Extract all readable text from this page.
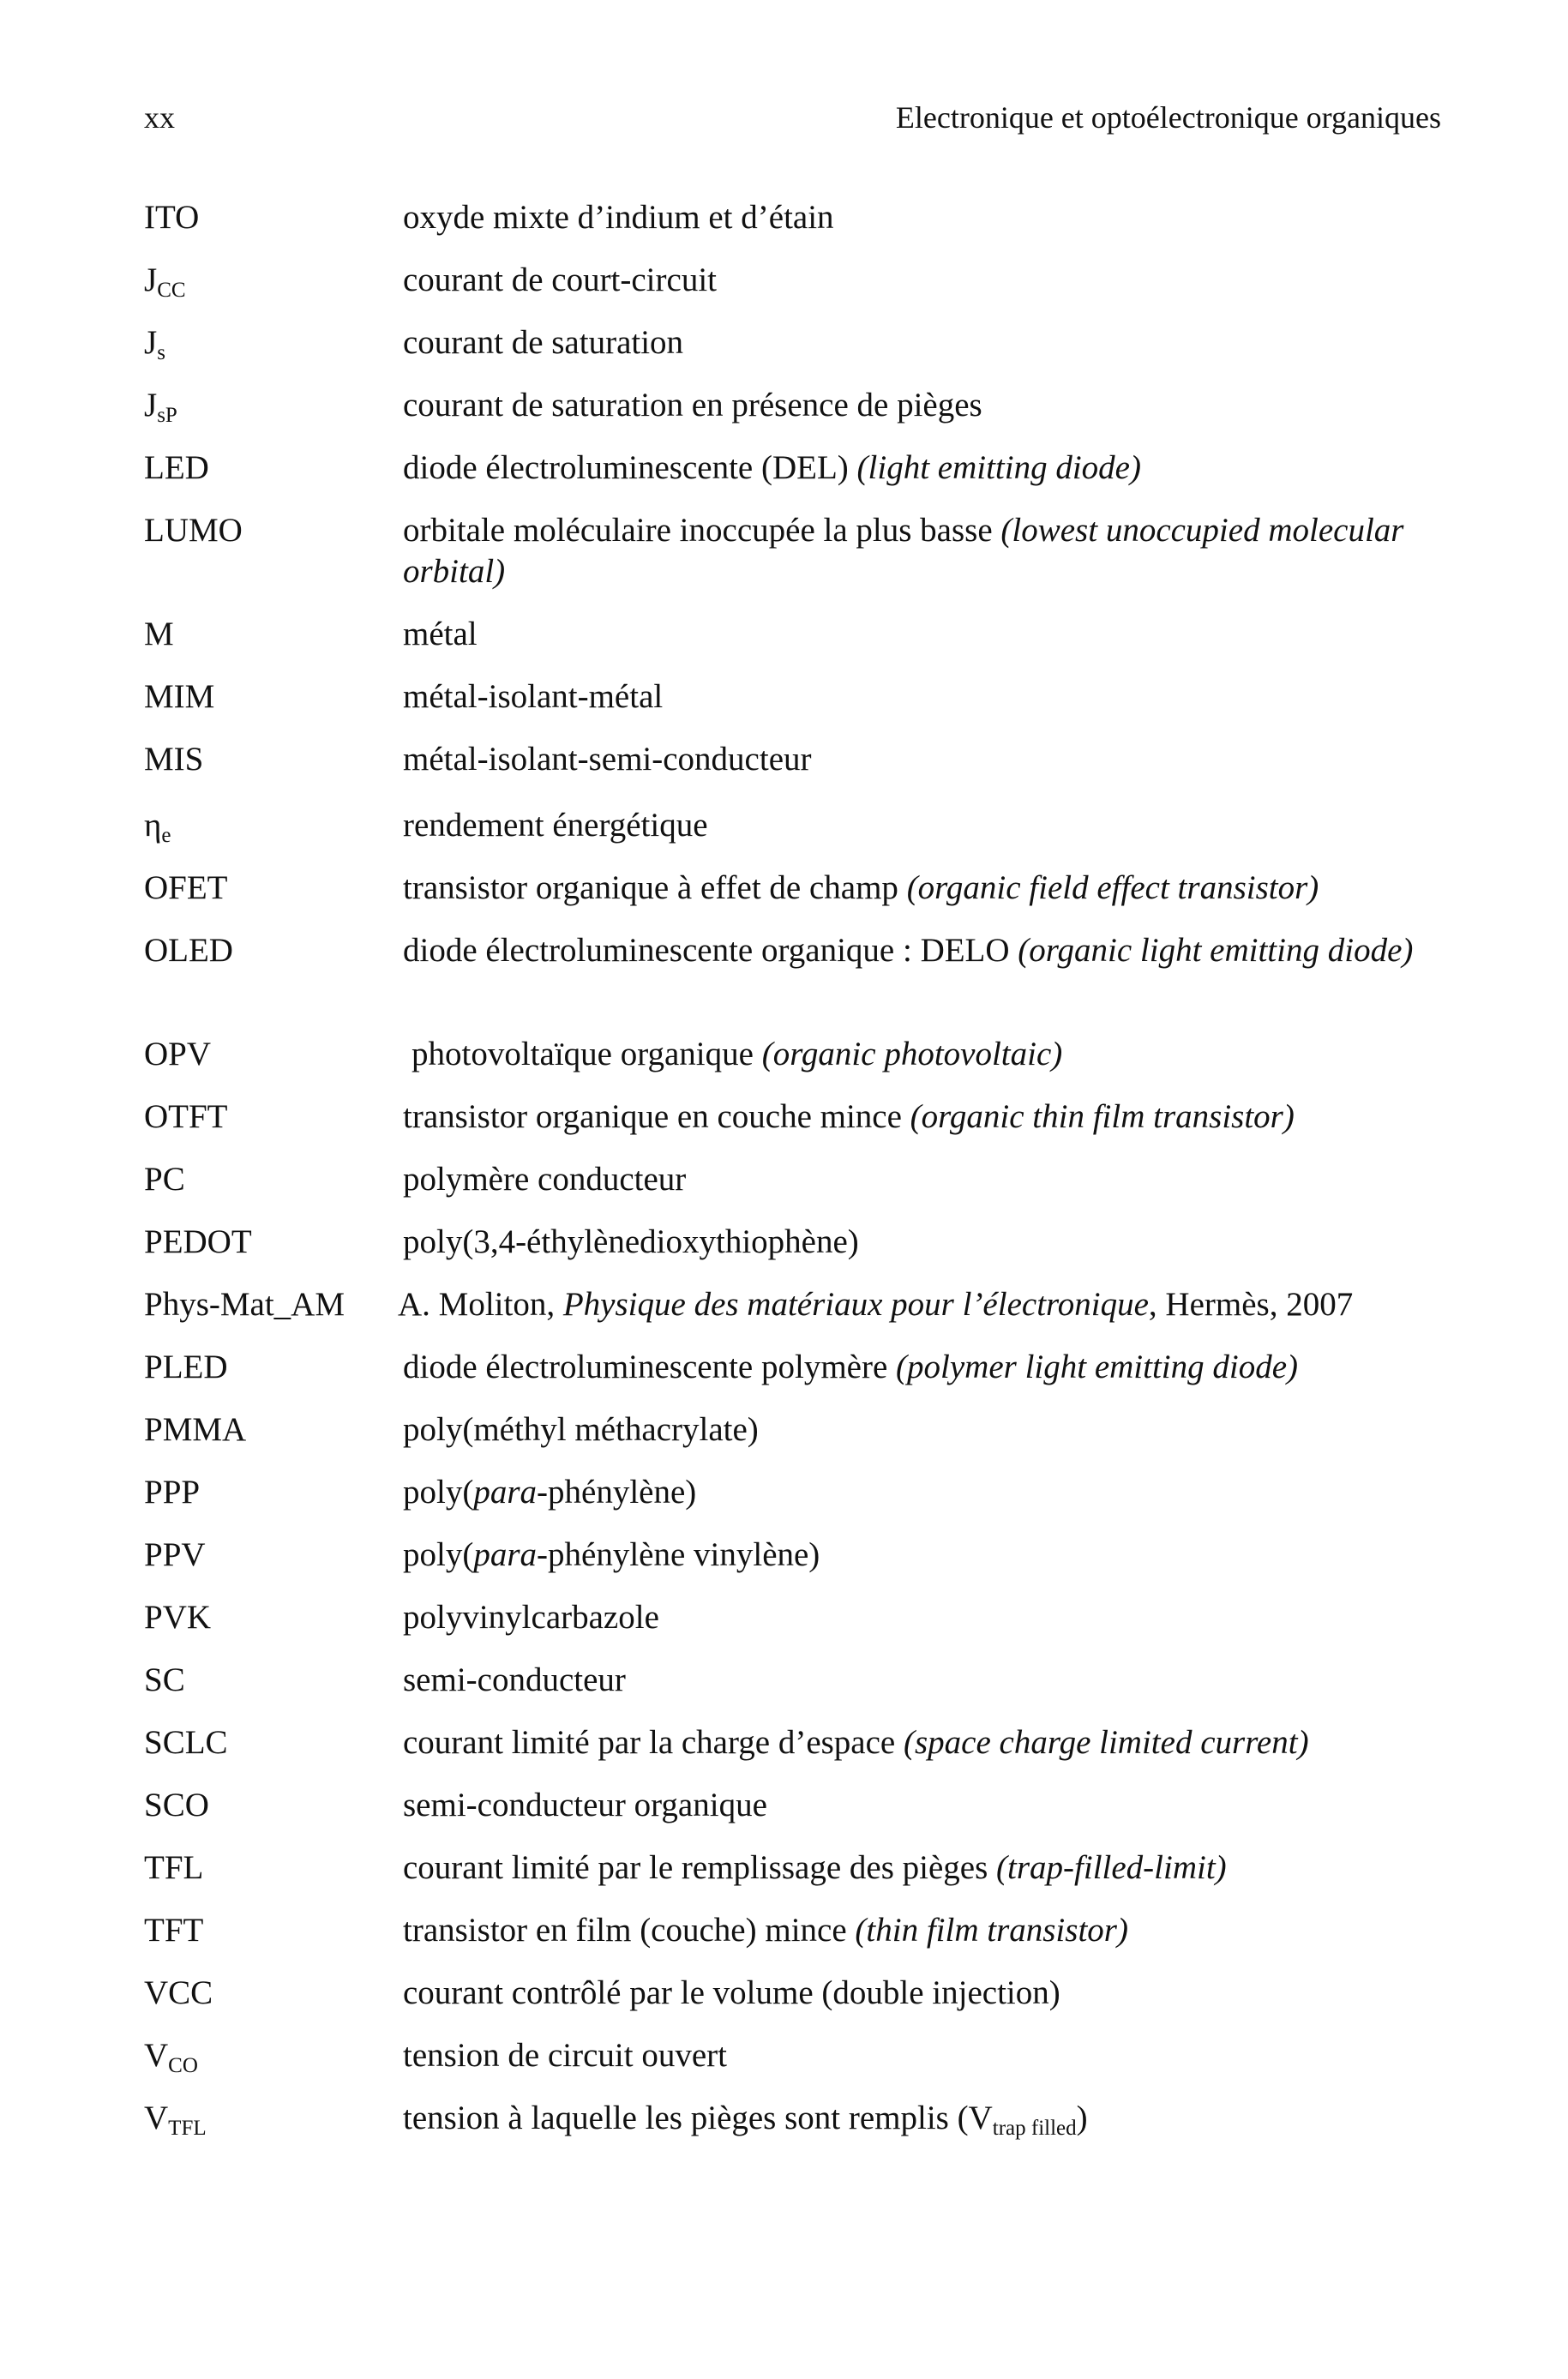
xx	Electronique et optoélectronique organiques
ITO	oxyde mixte d’indium et d’étain
$J_{CC}$	courant de court-circuit
$J_s$	courant de saturation
$J_{sP}$	courant de saturation en présence de pièges
LED	diode électroluminescente (DEL) (light emitting diode)
LUMO	orbitale moléculaire inoccupée la plus basse (lowest unoccupied molecular orbital)
M	métal
MIM	métal-isolant-métal
MIS	métal-isolant-semi-conducteur
$\eta_e$	rendement énergétique
OFET	transistor organique à effet de champ (organic field effect transistor)
OLED	diode électroluminescente organique : DELO (organic light emitting diode)
OPV	photovoltaïque organique (organic photovoltaic)
OTFT	transistor organique en couche mince (organic thin film transistor)
PC	polymère conducteur
PEDOT	poly(3,4-éthylènedioxythiophène)
Phys-Mat_AM	A. Moliton, Physique des matériaux pour l’électronique, Hermès, 2007
PLED	diode électroluminescente polymère (polymer light emitting diode)
PMMA	poly(méthyl méthacrylate)
PPP	poly(para-phénylène)
PPV	poly(para-phénylène vinylène)
PVK	polyvinylcarbazole
SC	semi-conducteur
SCLC	courant limité par la charge d’espace (space charge limited current)
SCO	semi-conducteur organique
TFL	courant limité par le remplissage des pièges (trap-filled-limit)
TFT	transistor en film (couche) mince (thin film transistor)
VCC	courant contrôlé par le volume (double injection)
$V_{CO}$	tension de circuit ouvert
$V_{TFL}$	tension à laquelle les pièges sont remplis $(V_{trap filled})$
